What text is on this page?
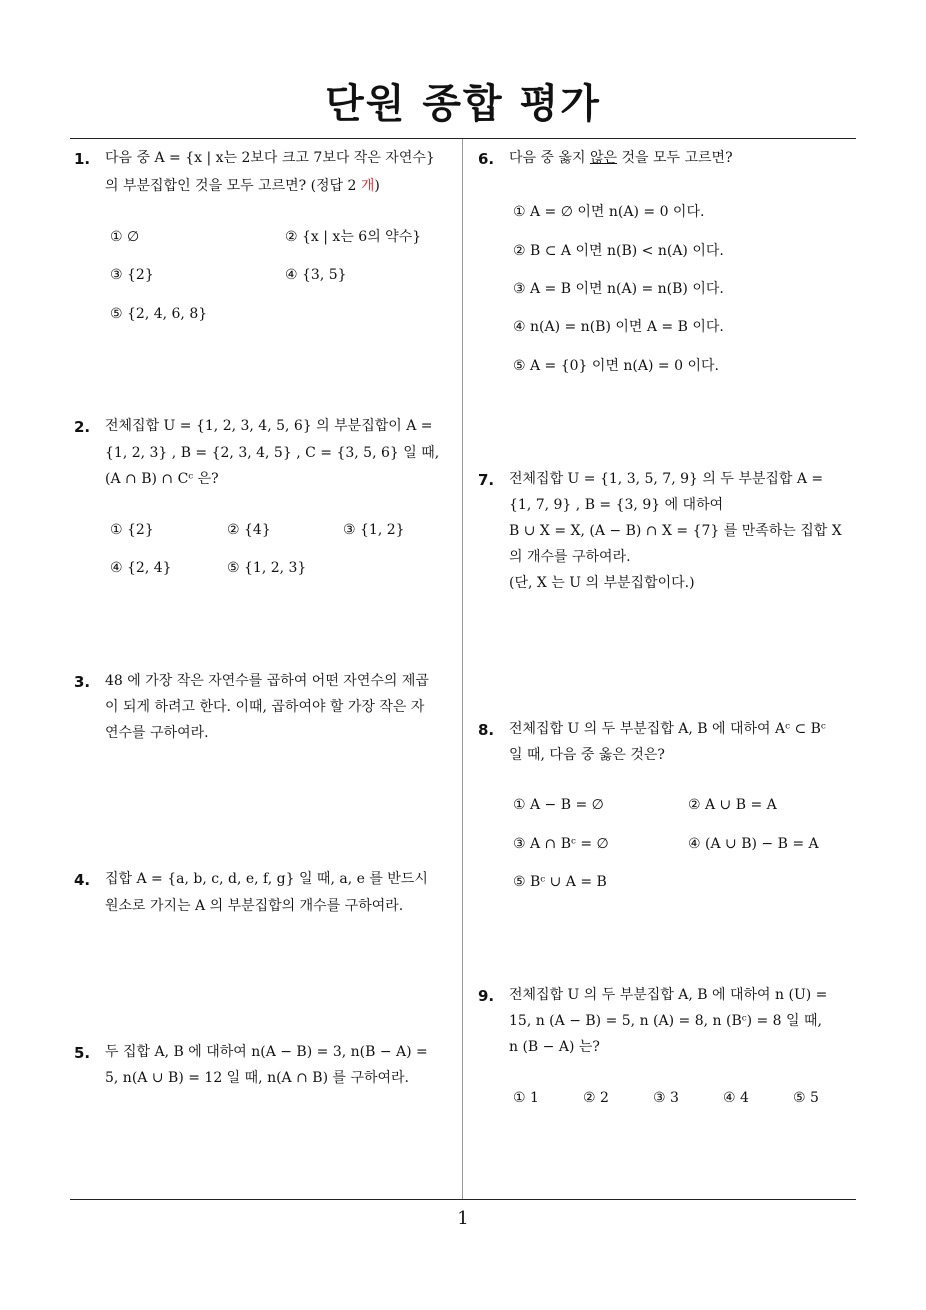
단원 종합 평가
1
1. 다음 중 A = {x | x는 2보다 크고 7보다 작은 자연수}
의 부분집합인 것을 모두 고르면? (정답 2 개)
① ∅	② {x | x는 6의 약수}
③ {2}	④ {3, 5}
⑤ {2, 4, 6, 8}
2. 전체집합 U = {1, 2, 3, 4, 5, 6} 의 부분집합이 A =
{1, 2, 3} , B = {2, 3, 4, 5} , C = {3, 5, 6} 일 때,
(A ∩ B) ∩ Cᶜ 은?
① {2}	② {4}	③ {1, 2}
④ {2, 4}	⑤ {1, 2, 3}
3. 48 에 가장 작은 자연수를 곱하여 어떤 자연수의 제곱
이 되게 하려고 한다. 이때, 곱하여야 할 가장 작은 자
연수를 구하여라.
4. 집합 A = {a, b, c, d, e, f, g} 일 때, a, e 를 반드시
원소로 가지는 A 의 부분집합의 개수를 구하여라.
5. 두 집합 A, B 에 대하여 n(A − B) = 3, n(B − A) =
5, n(A ∪ B) = 12 일 때, n(A ∩ B) 를 구하여라.
6. 다음 중 옳지 않은 것을 모두 고르면?
① A = ∅ 이면 n(A) = 0 이다.
② B ⊂ A 이면 n(B) < n(A) 이다.
③ A = B 이면 n(A) = n(B) 이다.
④ n(A) = n(B) 이면 A = B 이다.
⑤ A = {0} 이면 n(A) = 0 이다.
7. 전체집합 U = {1, 3, 5, 7, 9} 의 두 부분집합 A =
{1, 7, 9} , B = {3, 9} 에 대하여
B ∪ X = X, (A − B) ∩ X = {7} 를 만족하는 집합 X
의 개수를 구하여라.
(단, X 는 U 의 부분집합이다.)
8. 전체집합 U 의 두 부분집합 A, B 에 대하여 Aᶜ ⊂ Bᶜ
일 때, 다음 중 옳은 것은?
① A − B = ∅	② A ∪ B = A
③ A ∩ Bᶜ = ∅	④ (A ∪ B) − B = A
⑤ Bᶜ ∪ A = B
9. 전체집합 U 의 두 부분집합 A, B 에 대하여 n (U) =
15, n (A − B) = 5, n (A) = 8, n (Bᶜ) = 8 일 때,
n (B − A) 는?
① 1	② 2	③ 3	④ 4	⑤ 5
